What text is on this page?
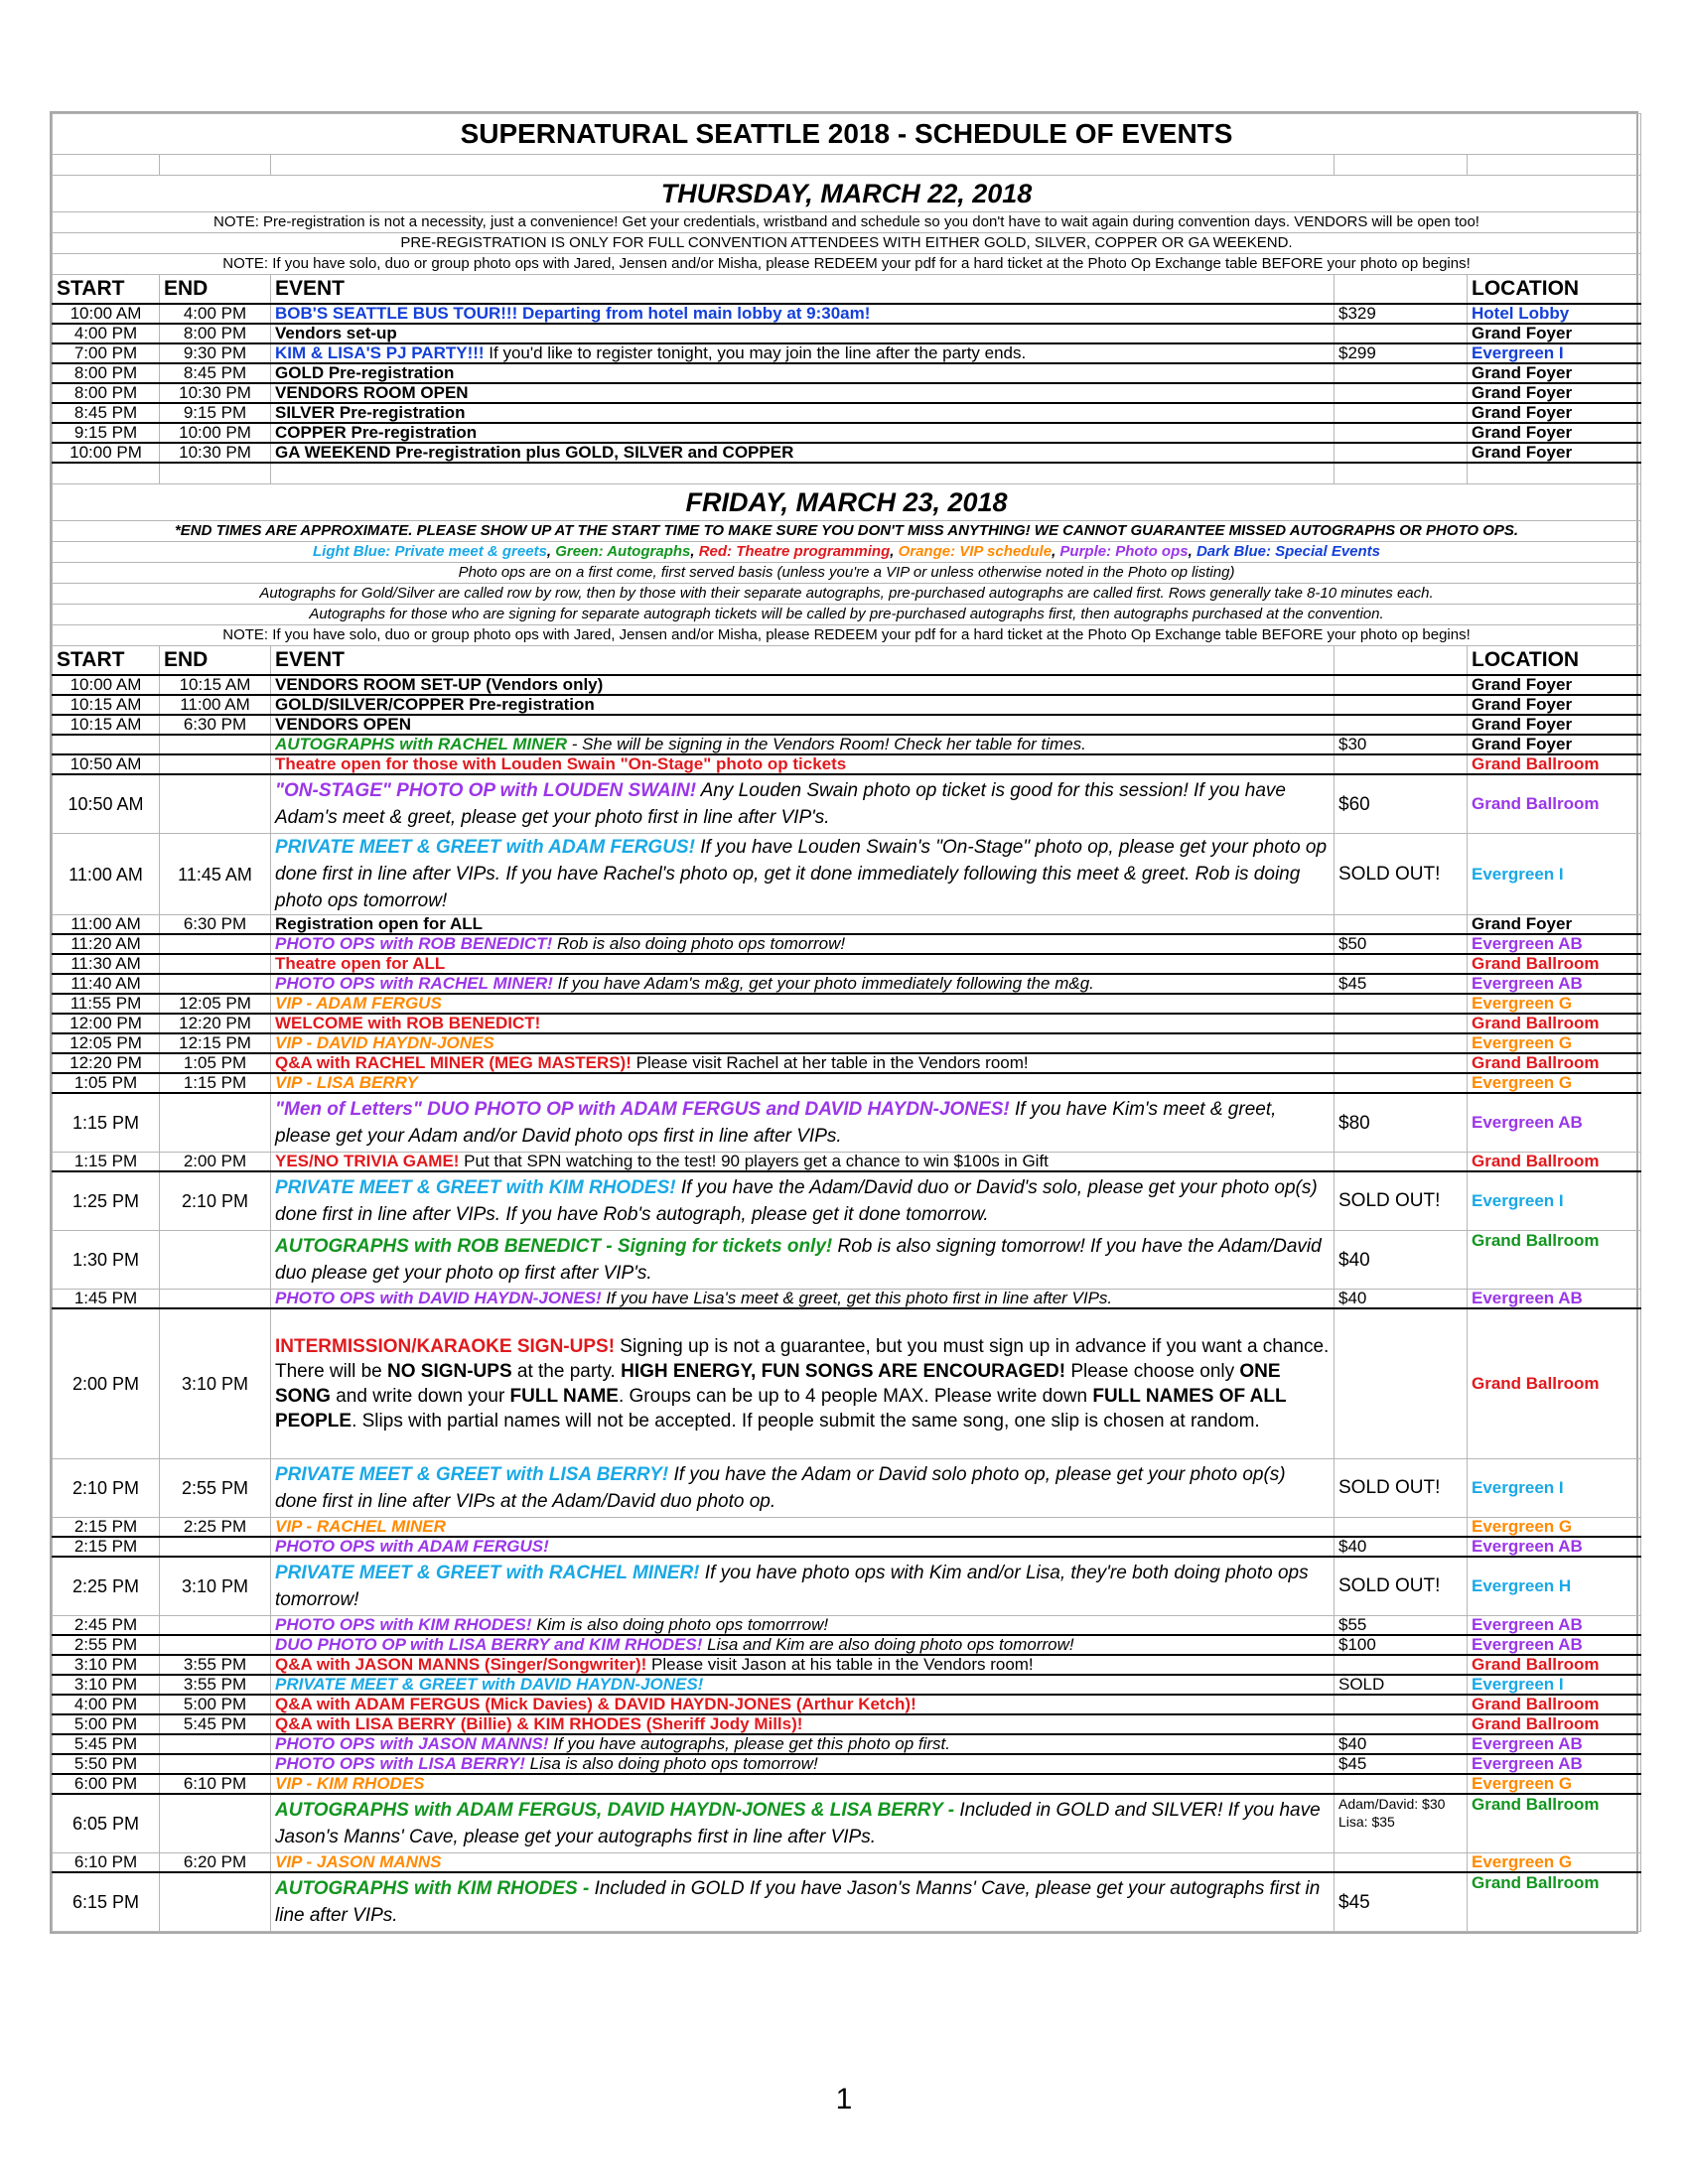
SUPERNATURAL SEATTLE 2018 - SCHEDULE OF EVENTS				

THURSDAY, MARCH 22, 2018				
NOTE: Pre-registration is not a necessity, just a convenience! Get your credentials, wristband and schedule so you don't have to wait again during convention days. VENDORS will be open too!				
PRE-REGISTRATION IS ONLY FOR FULL CONVENTION ATTENDEES WITH EITHER GOLD, SILVER, COPPER OR GA WEEKEND.				
NOTE: If you have solo, duo or group photo ops with Jared, Jensen and/or Misha, please REDEEM your pdf for a hard ticket at the Photo Op Exchange table BEFORE your photo op begins!				
START	END	EVENT		LOCATION
10:00 AM	4:00 PM	BOB'S SEATTLE BUS TOUR!!! Departing from hotel main lobby at 9:30am!	$329	Hotel Lobby
4:00 PM	8:00 PM	Vendors set-up		Grand Foyer
7:00 PM	9:30 PM	KIM & LISA'S PJ PARTY!!! If you'd like to register tonight, you may join the line after the party ends.	$299	Evergreen I
8:00 PM	8:45 PM	GOLD Pre-registration		Grand Foyer
8:00 PM	10:30 PM	VENDORS ROOM OPEN		Grand Foyer
8:45 PM	9:15 PM	SILVER Pre-registration		Grand Foyer
9:15 PM	10:00 PM	COPPER Pre-registration		Grand Foyer
10:00 PM	10:30 PM	GA WEEKEND Pre-registration plus GOLD, SILVER and COPPER		Grand Foyer

FRIDAY, MARCH 23, 2018				
*END TIMES ARE APPROXIMATE. PLEASE SHOW UP AT THE START TIME TO MAKE SURE YOU DON'T MISS ANYTHING! WE CANNOT GUARANTEE MISSED AUTOGRAPHS OR PHOTO OPS.				
Light Blue: Private meet & greets, Green: Autographs, Red: Theatre programming, Orange: VIP schedule, Purple: Photo ops, Dark Blue: Special Events				
Photo ops are on a first come, first served basis (unless you're a VIP or unless otherwise noted in the Photo op listing)				
Autographs for Gold/Silver are called row by row, then by those with their separate autographs, pre-purchased autographs are called first. Rows generally take 8-10 minutes each.				
Autographs for those who are signing for separate autograph tickets will be called by pre-purchased autographs first, then autographs purchased at the convention.				
NOTE: If you have solo, duo or group photo ops with Jared, Jensen and/or Misha, please REDEEM your pdf for a hard ticket at the Photo Op Exchange table BEFORE your photo op begins!				
START	END	EVENT		LOCATION
10:00 AM	10:15 AM	VENDORS ROOM SET-UP (Vendors only)		Grand Foyer
10:15 AM	11:00 AM	GOLD/SILVER/COPPER Pre-registration		Grand Foyer
10:15 AM	6:30 PM	VENDORS OPEN		Grand Foyer
		AUTOGRAPHS with RACHEL MINER - She will be signing in the Vendors Room! Check her table for times.	$30	Grand Foyer
10:50 AM		Theatre open for those with Louden Swain "On-Stage" photo op tickets		Grand Ballroom
10:50 AM		"ON-STAGE" PHOTO OP with LOUDEN SWAIN! Any Louden Swain photo op ticket is good for this session! If you have Adam's meet & greet, please get your photo first in line after VIP's.	$60	Grand Ballroom
11:00 AM	11:45 AM	PRIVATE MEET & GREET with ADAM FERGUS! If you have Louden Swain's "On-Stage" photo op, please get your photo op done first in line after VIPs. If you have Rachel's photo op, get it done immediately following this meet & greet. Rob is doing photo ops tomorrow!	SOLD OUT!	Evergreen I
11:00 AM	6:30 PM	Registration open for ALL		Grand Foyer
11:20 AM		PHOTO OPS with ROB BENEDICT! Rob is also doing photo ops tomorrow!	$50	Evergreen AB
11:30 AM		Theatre open for ALL		Grand Ballroom
11:40 AM		PHOTO OPS with RACHEL MINER! If you have Adam's m&g, get your photo immediately following the m&g.	$45	Evergreen AB
11:55 PM	12:05 PM	VIP - ADAM FERGUS		Evergreen G
12:00 PM	12:20 PM	WELCOME with ROB BENEDICT!		Grand Ballroom
12:05 PM	12:15 PM	VIP - DAVID HAYDN-JONES		Evergreen G
12:20 PM	1:05 PM	Q&A with RACHEL MINER (MEG MASTERS)! Please visit Rachel at her table in the Vendors room!		Grand Ballroom
1:05 PM	1:15 PM	VIP - LISA BERRY		Evergreen G
1:15 PM		"Men of Letters" DUO PHOTO OP with ADAM FERGUS and DAVID HAYDN-JONES! If you have Kim's meet & greet, please get your Adam and/or David photo ops first in line after VIPs.	$80	Evergreen AB
1:15 PM	2:00 PM	YES/NO TRIVIA GAME! Put that SPN watching to the test! 90 players get a chance to win $100s in Gift		Grand Ballroom
1:25 PM	2:10 PM	PRIVATE MEET & GREET with KIM RHODES! If you have the Adam/David duo or David's solo, please get your photo op(s) done first in line after VIPs. If you have Rob's autograph, please get it done tomorrow.	SOLD OUT!	Evergreen I
1:30 PM		AUTOGRAPHS with ROB BENEDICT - Signing for tickets only! Rob is also signing tomorrow! If you have the Adam/David duo please get your photo op first after VIP's.	$40	Grand Ballroom
1:45 PM		PHOTO OPS with DAVID HAYDN-JONES! If you have Lisa's meet & greet, get this photo first in line after VIPs.	$40	Evergreen AB
2:00 PM	3:10 PM	INTERMISSION/KARAOKE SIGN-UPS! Signing up is not a guarantee, but you must sign up in advance if you want a chance. There will be NO SIGN-UPS at the party. HIGH ENERGY, FUN SONGS ARE ENCOURAGED! Please choose only ONE SONG and write down your FULL NAME. Groups can be up to 4 people MAX. Please write down FULL NAMES OF ALL PEOPLE. Slips with partial names will not be accepted. If people submit the same song, one slip is chosen at random.		Grand Ballroom
2:10 PM	2:55 PM	PRIVATE MEET & GREET with LISA BERRY! If you have the Adam or David solo photo op, please get your photo op(s) done first in line after VIPs at the Adam/David duo photo op.	SOLD OUT!	Evergreen I
2:15 PM	2:25 PM	VIP - RACHEL MINER		Evergreen G
2:15 PM		PHOTO OPS with ADAM FERGUS!	$40	Evergreen AB
2:25 PM	3:10 PM	PRIVATE MEET & GREET with RACHEL MINER! If you have photo ops with Kim and/or Lisa, they're both doing photo ops tomorrow!	SOLD OUT!	Evergreen H
2:45 PM		PHOTO OPS with KIM RHODES! Kim is also doing photo ops tomorrrow!	$55	Evergreen AB
2:55 PM		DUO PHOTO OP with LISA BERRY and KIM RHODES! Lisa and Kim are also doing photo ops tomorrow!	$100	Evergreen AB
3:10 PM	3:55 PM	Q&A with JASON MANNS (Singer/Songwriter)! Please visit Jason at his table in the Vendors room!		Grand Ballroom
3:10 PM	3:55 PM	PRIVATE MEET & GREET with DAVID HAYDN-JONES!	SOLD	Evergreen I
4:00 PM	5:00 PM	Q&A with ADAM FERGUS (Mick Davies) & DAVID HAYDN-JONES (Arthur Ketch)!		Grand Ballroom
5:00 PM	5:45 PM	Q&A with LISA BERRY (Billie) & KIM RHODES (Sheriff Jody Mills)!		Grand Ballroom
5:45 PM		PHOTO OPS with JASON MANNS! If you have autographs, please get this photo op first.	$40	Evergreen AB
5:50 PM		PHOTO OPS with LISA BERRY! Lisa is also doing photo ops tomorrow!	$45	Evergreen AB
6:00 PM	6:10 PM	VIP - KIM RHODES		Evergreen G
6:05 PM		AUTOGRAPHS with ADAM FERGUS, DAVID HAYDN-JONES & LISA BERRY - Included in GOLD and SILVER! If you have Jason's Manns' Cave, please get your autographs first in line after VIPs.	Adam/David: $30 Lisa: $35	Grand Ballroom
6:10 PM	6:20 PM	VIP - JASON MANNS		Evergreen G
6:15 PM		AUTOGRAPHS with KIM RHODES - Included in GOLD If you have Jason's Manns' Cave, please get your autographs first in line after VIPs.	$45	Grand Ballroom
1
